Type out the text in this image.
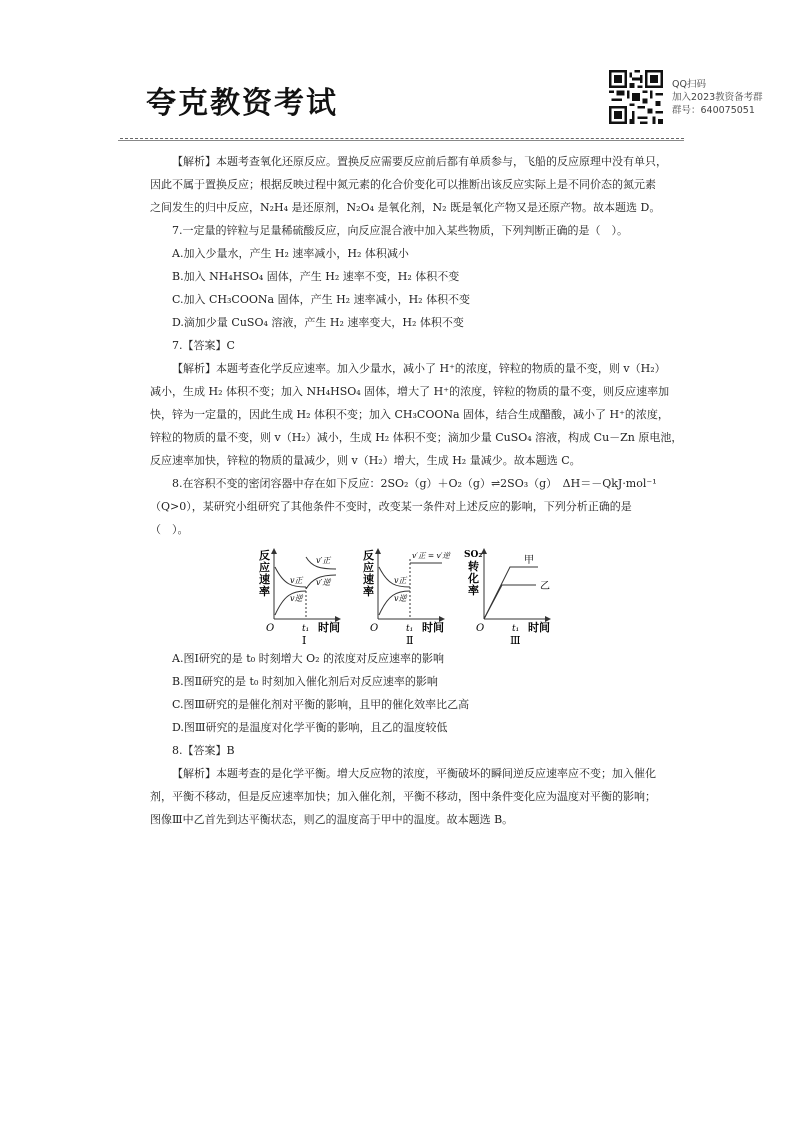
夸克教资考试
QQ扫码
加入2023教资备考群
群号：640075051
【解析】本题考查氧化还原反应。置换反应需要反应前后都有单质参与，飞船的反应原理中没有单只，
因此不属于置换反应；根据反映过程中氮元素的化合价变化可以推断出该反应实际上是不同价态的氮元素
之间发生的归中反应，N₂H₄ 是还原剂，N₂O₄ 是氧化剂，N₂ 既是氧化产物又是还原产物。故本题选 D。
7.一定量的锌粒与足量稀硫酸反应，向反应混合液中加入某些物质，下列判断正确的是（　）。
A.加入少量水，产生 H₂ 速率减小，H₂ 体积减小
B.加入 NH₄HSO₄ 固体，产生 H₂ 速率不变，H₂ 体积不变
C.加入 CH₃COONa 固体，产生 H₂ 速率减小，H₂ 体积不变
D.滴加少量 CuSO₄ 溶液，产生 H₂ 速率变大，H₂ 体积不变
7.【答案】C
【解析】本题考查化学反应速率。加入少量水，减小了 H⁺的浓度，锌粒的物质的量不变，则 v（H₂）
减小，生成 H₂ 体积不变；加入 NH₄HSO₄ 固体，增大了 H⁺的浓度，锌粒的物质的量不变，则反应速率加
快，锌为一定量的，因此生成 H₂ 体积不变；加入 CH₃COONa 固体，结合生成醋酸，减小了 H⁺的浓度，
锌粒的物质的量不变，则 v（H₂）减小，生成 H₂ 体积不变；滴加少量 CuSO₄ 溶液，构成 Cu－Zn 原电池，
反应速率加快，锌粒的物质的量减少，则 v（H₂）增大，生成 H₂ 量减少。故本题选 C。
8.在容积不变的密闭容器中存在如下反应：2SO₂（g）＋O₂（g）⇌2SO₃（g）　ΔH＝－QkJ·mol⁻¹
（Q>0），某研究小组研究了其他条件不变时，改变某一条件对上述反应的影响，下列分析正确的是
（　）。
反
应
速
率
v正
v逆
v′正
v′逆
O	t₁ 时间
Ⅰ
反
应
速
率
v正
v逆
v′正 = v′逆
O	t₁ 时间
Ⅱ
SO₂
转
化
率
甲
乙
O	t₁ 时间
Ⅲ
A.图Ⅰ研究的是 t₀ 时刻增大 O₂ 的浓度对反应速率的影响
B.图Ⅱ研究的是 t₀ 时刻加入催化剂后对反应速率的影响
C.图Ⅲ研究的是催化剂对平衡的影响，且甲的催化效率比乙高
D.图Ⅲ研究的是温度对化学平衡的影响，且乙的温度较低
8.【答案】B
【解析】本题考查的是化学平衡。增大反应物的浓度，平衡破坏的瞬间逆反应速率应不变；加入催化
剂，平衡不移动，但是反应速率加快；加入催化剂，平衡不移动，图中条件变化应为温度对平衡的影响；
图像Ⅲ中乙首先到达平衡状态，则乙的温度高于甲中的温度。故本题选 B。
